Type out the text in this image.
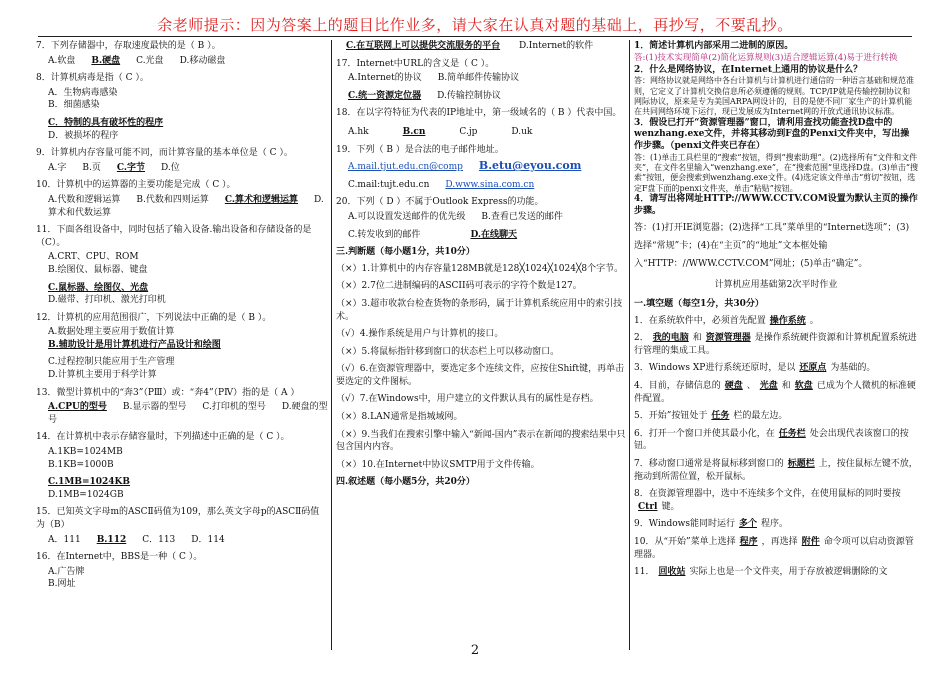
余老师提示：因为答案上的题目比作业多，请大家在认真对题的基础上，再抄写，不要乱抄。

7．下列存储器中，存取速度最快的是（ B ）。

A.软盘 B.硬盘 C.光盘 D.移动磁盘

8．计算机病毒是指（ C ）。

A．生物病毒感染B．细菌感染

C．特制的具有破坏性的程序D．被损坏的程序

9．计算机内存容量可能不同，而计算容量的基本单位是（ C ）。

A.字 B.页 C.字节 D.位

10．计算机中的运算器的主要功能是完成（ C ）。

A.代数和逻辑运算 B.代数和四则运算 C.算术和逻辑运算 D.算术和代数运算

11．下面各组设备中，同时包括了输入设备.输出设备和存储设备的是（C）。

A.CRT、CPU、ROMB.绘图仪、鼠标器、键盘

C.鼠标器、绘图仪、光盘D.磁带、打印机、激光打印机

12．计算机的应用范围很广，下列说法中正确的是（ B ）。

A.数据处理主要应用于数值计算B.辅助设计是用计算机进行产品设计和绘图

C.过程控制只能应用于生产管理D.计算机主要用于科学计算

13．微型计算机中的“奔3”（PⅢ）或：“奔4”（PⅣ）指的是（ A ）

A.CPU的型号 B.显示器的型号 C.打印机的型号 D.硬盘的型号

14．在计算机中表示存储容量时，下列描述中正确的是（ C ）。

A.1KB=1024MBB.1KB=1000B

C.1MB=1024KBD.1MB=1024GB

15．已知英文字母m的ASCⅡ码值为109，那么英文字母p的ASCⅡ码值为（B）

A．111 B.112 C．113 D．114

16．在Internet中，BBS是一种（ C ）。

A.广告牌B.网址

C.在互联网上可以提供交流服务的平台 D.Internet的软件

17．Internet中URL的含义是（ C ）。

A.Internet的协议 B.简单邮件传输协议

C.统一资源定位器 D.传输控制协议

18．在以字符特征为代表的IP地址中，第一级域名的（ B ）代表中国。

A.hk	B.cn	C.jp	D.uk

19．下列（ B ）是合法的电子邮件地址。

A.mail.tjut.edu.cn@comp B.etu@eyou.com

C.mail:tujt.edu.cn D.www.sina.com.cn

20．下列（ D ）不属于Outlook Express的功能。

A.可以设置发送邮件的优先级 B.查看已发送的邮件

C.转发收到的邮件	D.在线聊天

三.判断题（每小题1分，共10分）

（×）1.计算机中的内存容量128MB就是128╳1024╳1024╳8个字节。

（×）2.7位二进制编码的ASCII码可表示的字符个数是127。

（×）3.超市收款台检查货物的条形码，属于计算机系统应用中的索引技术。

（√）4.操作系统是用户与计算机的接口。

（×）5.将鼠标指针移到窗口的状态栏上可以移动窗口。

（√）6.在资源管理器中，要选定多个连续文件，应按住Shift键，再单击要选定的文件图标。

（√）7.在Windows中，用户建立的文件默认具有的属性是存档。

（×）8.LAN通常是指城域网。

（×）9.当我们在搜索引擎中输入“新闻-国内”表示在新闻的搜索结果中只包含国内内容。

（×）10.在Internet中协议SMTP用于文件传输。

四.叙述题（每小题5分，共20分）

1．简述计算机内部采用二进制的原因。

答:(1)技术实现简单(2)简化运算规则(3)适合逻辑运算(4)易于进行转换

2．什么是网络协议，在Internet上通用的协议是什么？

答：网络协议就是网络中各台计算机与计算机进行通信的一种语言基础和规范准则，它定义了计算机交换信息所必须遵循的规则。TCP/IP就是传输控制协议和网际协议，原来是专为美国ARPA网设计的，目的是使不同厂家生产的计算机能在共同网络环境下运行，现已发展成为Internet网的开放式通讯协议标准。

3．假设已打开“资源管理器”窗口，请利用查找功能查找D盘中的wenzhang.exe文件，并将其移动到F盘的Penxi文件夹中，写出操作步骤。（penxi文件夹已存在）

答：(1)单击工具栏里的“搜索”按钮，得到“搜索助理”。(2)选择所有“文件和文件夹”，在文件名里输入“wenzhang.exe”，在“搜索范围”里选择D盘。(3)单击“搜索”按钮，便会搜索到wenzhang.exe文件。(4)选定该文件单击“剪切”按钮，选定F盘下面的penxi文件夹，单击“粘贴”按钮。

4．请写出将网址HTTP://WWW.CCTV.COM设置为默认主页的操作步骤。

答：(1)打开IE浏览器；(2)选择“工具”菜单里的“Internet选项”；(3)选择“常规”卡；(4)在“主页”的“地址”文本框处输入“HTTP：//WWW.CCTV.COM”网址；(5)单击“确定”。

计算机应用基础第2次平时作业

一.填空题（每空1分，共30分）

1．在系统软件中，必须首先配置 操作系统 。

2． 我的电脑 和 资源管理器 是操作系统硬件资源和计算机配置系统进行管理的集成工具。

3．Windows XP进行系统还原时，是以 还原点 为基础的。

4．目前，存储信息的 硬盘 、 光盘 和 软盘 已成为个人微机的标准硬件配置。

5．开始”按钮处于 任务 栏的最左边。

6．打开一个窗口并使其最小化，在 任务栏 处会出现代表该窗口的按钮。

7．移动窗口通常是将鼠标移到窗口的 标题栏 上，按住鼠标左键不放，拖动到所需位置，松开鼠标。

8．在资源管理器中，选中不连续多个文件，在使用鼠标的同时要按Ctrl 键。

9．Windows能同时运行 多个 程序。

10．从“开始”菜单上选择 程序 ，再选择 附件 命令项可以启动资源管理器。

11． 回收站 实际上也是一个文件夹，用于存放被逻辑删除的文

2
